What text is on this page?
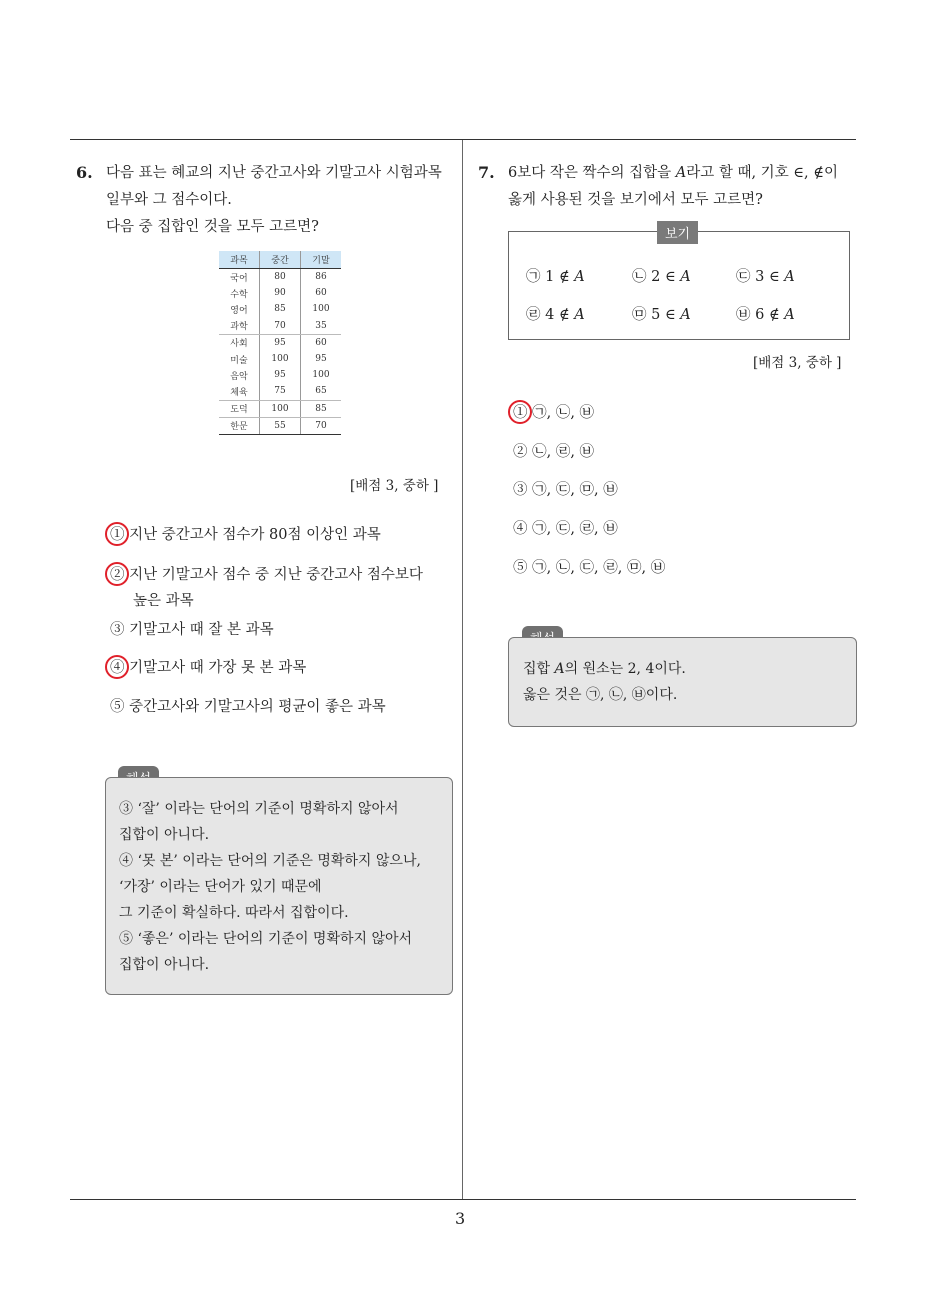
3
6. 다음 표는 혜교의 지난 중간고사와 기말고사 시험과목
일부와 그 점수이다.
다음 중 집합인 것을 모두 고르면?
과목	중간	기말
국어	80	86
수학	90	60
영어	85	100
과학	70	35
사회	95	60
미술	100	95
음악	95	100
체육	75	65
도덕	100	85
한문	55	70
[배점 3, 중하 ]
① 지난 중간고사 점수가 80점 이상인 과목
② 지난 기말고사 점수 중 지난 중간고사 점수보다
높은 과목
③ 기말고사 때 잘 본 과목
④ 기말고사 때 가장 못 본 과목
⑤ 중간고사와 기말고사의 평균이 좋은 과목
③ ‘잘’ 이라는 단어의 기준이 명확하지 않아서
집합이 아니다.
④ ‘못 본’ 이라는 단어의 기준은 명확하지 않으나,
‘가장’ 이라는 단어가 있기 때문에
그 기준이 확실하다. 따라서 집합이다.
⑤ ‘좋은’ 이라는 단어의 기준이 명확하지 않아서
집합이 아니다.
7. 6보다 작은 짝수의 집합을 A라고 할 때, 기호 ∈, ∉이
옳게 사용된 것을 보기에서 모두 고르면?
보기
㉠ 1 ∉ A	㉡ 2 ∈ A	㉢ 3 ∈ A
㉣ 4 ∉ A	㉤ 5 ∈ A	㉥ 6 ∉ A
[배점 3, 중하 ]
① ㉠, ㉡, ㉥
② ㉡, ㉣, ㉥
③ ㉠, ㉢, ㉤, ㉥
④ ㉠, ㉢, ㉣, ㉥
⑤ ㉠, ㉡, ㉢, ㉣, ㉤, ㉥
집합 A의 원소는 2, 4이다.
옳은 것은 ㉠, ㉡, ㉥이다.
